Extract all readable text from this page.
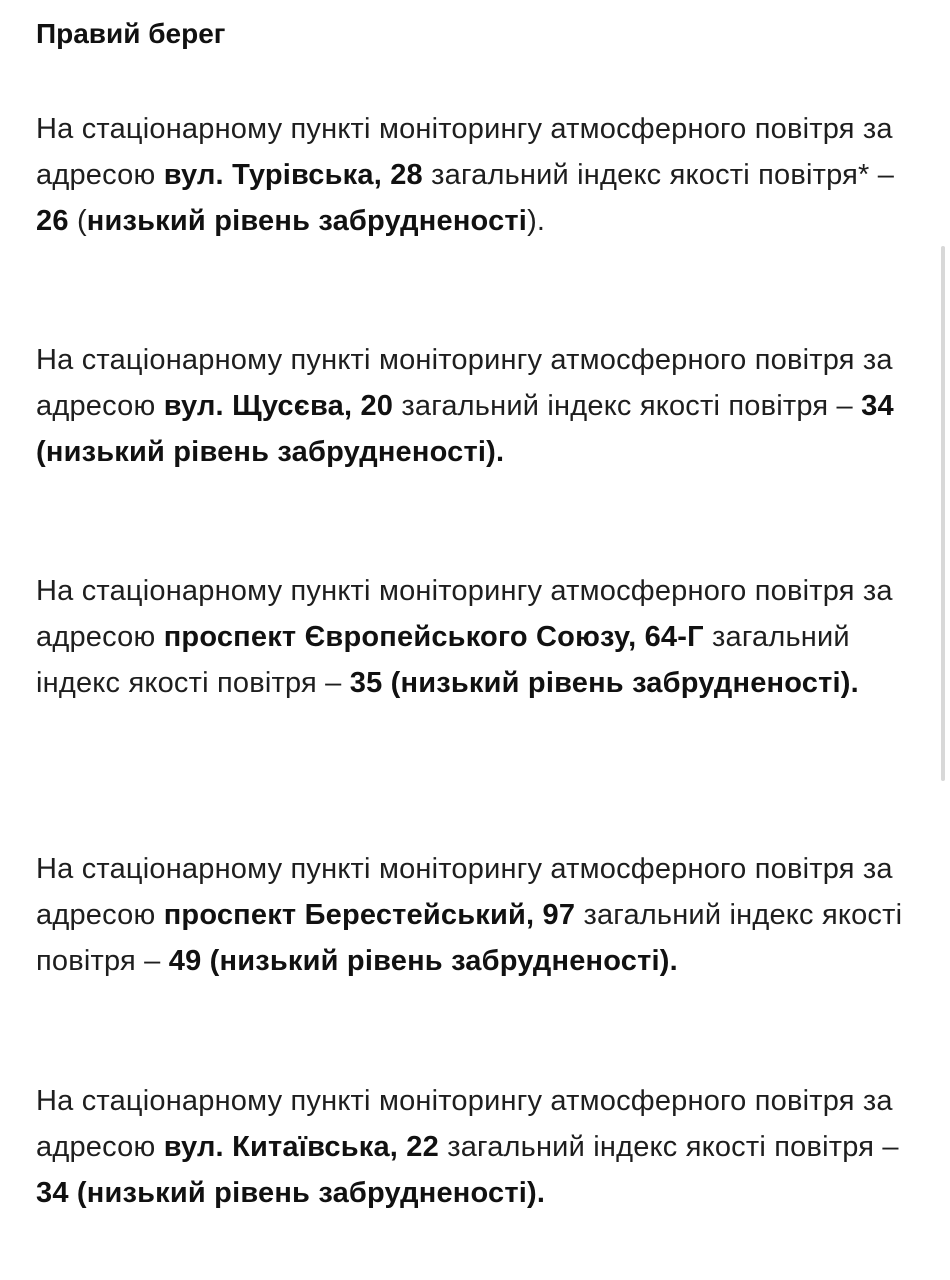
Правий берег

На стаціонарному пункті моніторингу атмосферного повітря за адресою вул. Турівська, 28 загальний індекс якості повітря* – 26 (низький рівень забрудненості).

На стаціонарному пункті моніторингу атмосферного повітря за адресою вул. Щусєва, 20 загальний індекс якості повітря – 34 (низький рівень забрудненості).

На стаціонарному пункті моніторингу атмосферного повітря за адресою проспект Європейського Союзу, 64-Г загальний індекс якості повітря – 35 (низький рівень забрудненості).

На стаціонарному пункті моніторингу атмосферного повітря за адресою проспект Берестейський, 97 загальний індекс якості повітря – 49 (низький рівень забрудненості).

На стаціонарному пункті моніторингу атмосферного повітря за адресою вул. Китаївська, 22 загальний індекс якості повітря – 34 (низький рівень забрудненості).
